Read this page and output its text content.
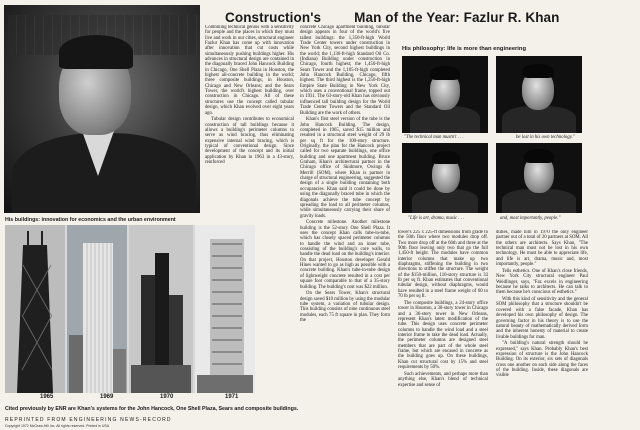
Construction's Man of the Year: Fazlur R. Khan
His buildings: innovation for economics and the urban environment
1965	1969	1970	1971
Cited previously by ENR are Khan's systems for the John Hancock, One Shell Plaza, Sears and composite buildings.
REPRINTED FROM ENGINEERING NEWS-RECORD
Copyright 1972 McGraw-Hill Inc. All rights reserved. Printed in USA

Combining technical genius with a sensitivity for people and the places in which they must live and work in our cities, structural engineer Fazlur Khan has come up with innovation after innovation that cut costs while simultaneously pushing buildings higher. His advances in structural design are contained in the diagonally braced John Hancock Building in Chicago, One Shell Plaza in Houston, the highest all-concrete building in the world; three composite buildings, in Houston, Chicago and New Orleans; and the Sears Tower, the world's highest building, over construction in Chicago. All of these structures use the concept called tubular design, which Khan evolved over eight years ago.

Tubular design contributes to economical construction of tall buildings because it allows a building's perimeter columns to serve as wind bracing, thus eliminating expensive internal wind bracing, which is typical of conventional design. Since development of the concept and its initial application by Khan in 1963 in a 43-story, reinforced

concrete Chicago apartment building, tubular design appears in four of the world's five tallest buildings: the 1,350-ft-high World Trade Center towers under construction in New York City, second highest buildings in the world; the 1,136-ft-high Standard Oil Co. (Indiana) Building under construction in Chicago, fourth highest; the 1,450-ft-high Sears Tower and the 1,105-ft-high completed John Hancock Building, Chicago, fifth highest. The third highest is the 1,250-ft-high Empire State Building in New York City, which uses a conventional frame, topped out in 1931. The 63-story-old Khan has obviously influenced tall building design for the World Trade Center Towers and the Standard Oil Building are the work of others.

Khan's first steel version of the tube is the John Hancock Building. The design, completed in 1965, saved $15 million and resulted in a structural steel weight of 29 lb per sq ft for the 100-story structure. Originally, the plan for the Hancock project called for two separate buildings, one office building and one apartment building. Bruce Graham, Khan's architectural partner in the Chicago office of Skidmore, Owings & Merrill (SOM), where Khan is partner in charge of structural engineering, suggested the design of a single building containing both occupancies. Khan said it could be done by using the diagonally braced tube in which the diagonals achieve the tube concept by spreading the load to all perimeter columns, while simultaneously carrying their share of gravity loads.

Concrete milestone. Another milestone building is the 52-story One Shell Plaza. It uses the concept Khan calls tube-in-tube, which has closely spaced perimeter columns to handle the wind and an inner tube, consisting of the building's core walls, to handle the dead load on the building's interior. On that project, Houston developer Gerald Hines wanted to go as high as possible with a concrete building. Khan's tube-in-tube design of lightweight concrete resulted in a cost per square foot comparable to that of a 35-story building. The building's cost was $22 million.

On the Sears Tower, Khan's structural design saved $10 million by using the modular tube system, a variation of tubular design. This building consists of nine continuous steel modules, each 75 ft square in plan. They form the

His philosophy: life is more than engineering
"The technical man mustn't . . .	be lost in his own technology."
"Life is art, drama, music . . .	and, most importantly, people."

tower's 225 x 225-ft dimensions from grade to the 50th floor where two modules drop off. Two more drop off at the 66th and three at the 90th floor leaving only two that go the full 1,450-ft height. The modules have common interior columns that make up two diaphragms, stiffening the building in two directions to stiffen the structure. The weight of the $150-million, 110-story structure is 33 lb per sq ft. Khan estimates that conventional tubular design, without diaphragms, would have resulted in a steel frame weight of 60 to 70 lb per sq ft.

The composite buildings, a 24-story office tower in Houston, a 30-story tower in Chicago and a 36-story tower in New Orleans, represent Khan's latest modification of the tube. This design uses concrete perimeter columns to handle the wind load and a steel interior frame to take the dead load. Actually, the perimeter columns are designed steel members that are part of the whole steel frame, but which are encased in concrete as the building goes up. On these buildings, Khan cut structural cost by 15% and steel requirements by 50%.

Such achievements, and perhaps more than anything else, Khan's blend of technical expertise and sense of

duties, made him in 1970 the only engineer partner out of a total of 20 partners at SOM. All the others are architects. Says Khan, "The technical man must not be lost in his own technology. He must be able to appreciate life, and life is art, drama, music and, most importantly, people."

Tells esthetics. One of Khan's close friends, New York City structural engineer Paul Weidlinger, says, "Faz excels in engineering because he talks to architects. He can talk to them because he's conscious of esthetics."

With this kind of sensitivity and the general SOM philosophy that a structure shouldn't be covered with a false facade, Khan has developed his own philosophy of design. The governing factor in his theory is to use the natural beauty of mathematically derived form and the inherent honesty of material to create livable buildings for man.

"A building's natural strength should be expressed," says Khan. Probably Khan's best expression of structure is the John Hancock Building. On its exterior, six sets of diagonals cross one another on each side along the faces of the building. Inside, these diagonals are visible
